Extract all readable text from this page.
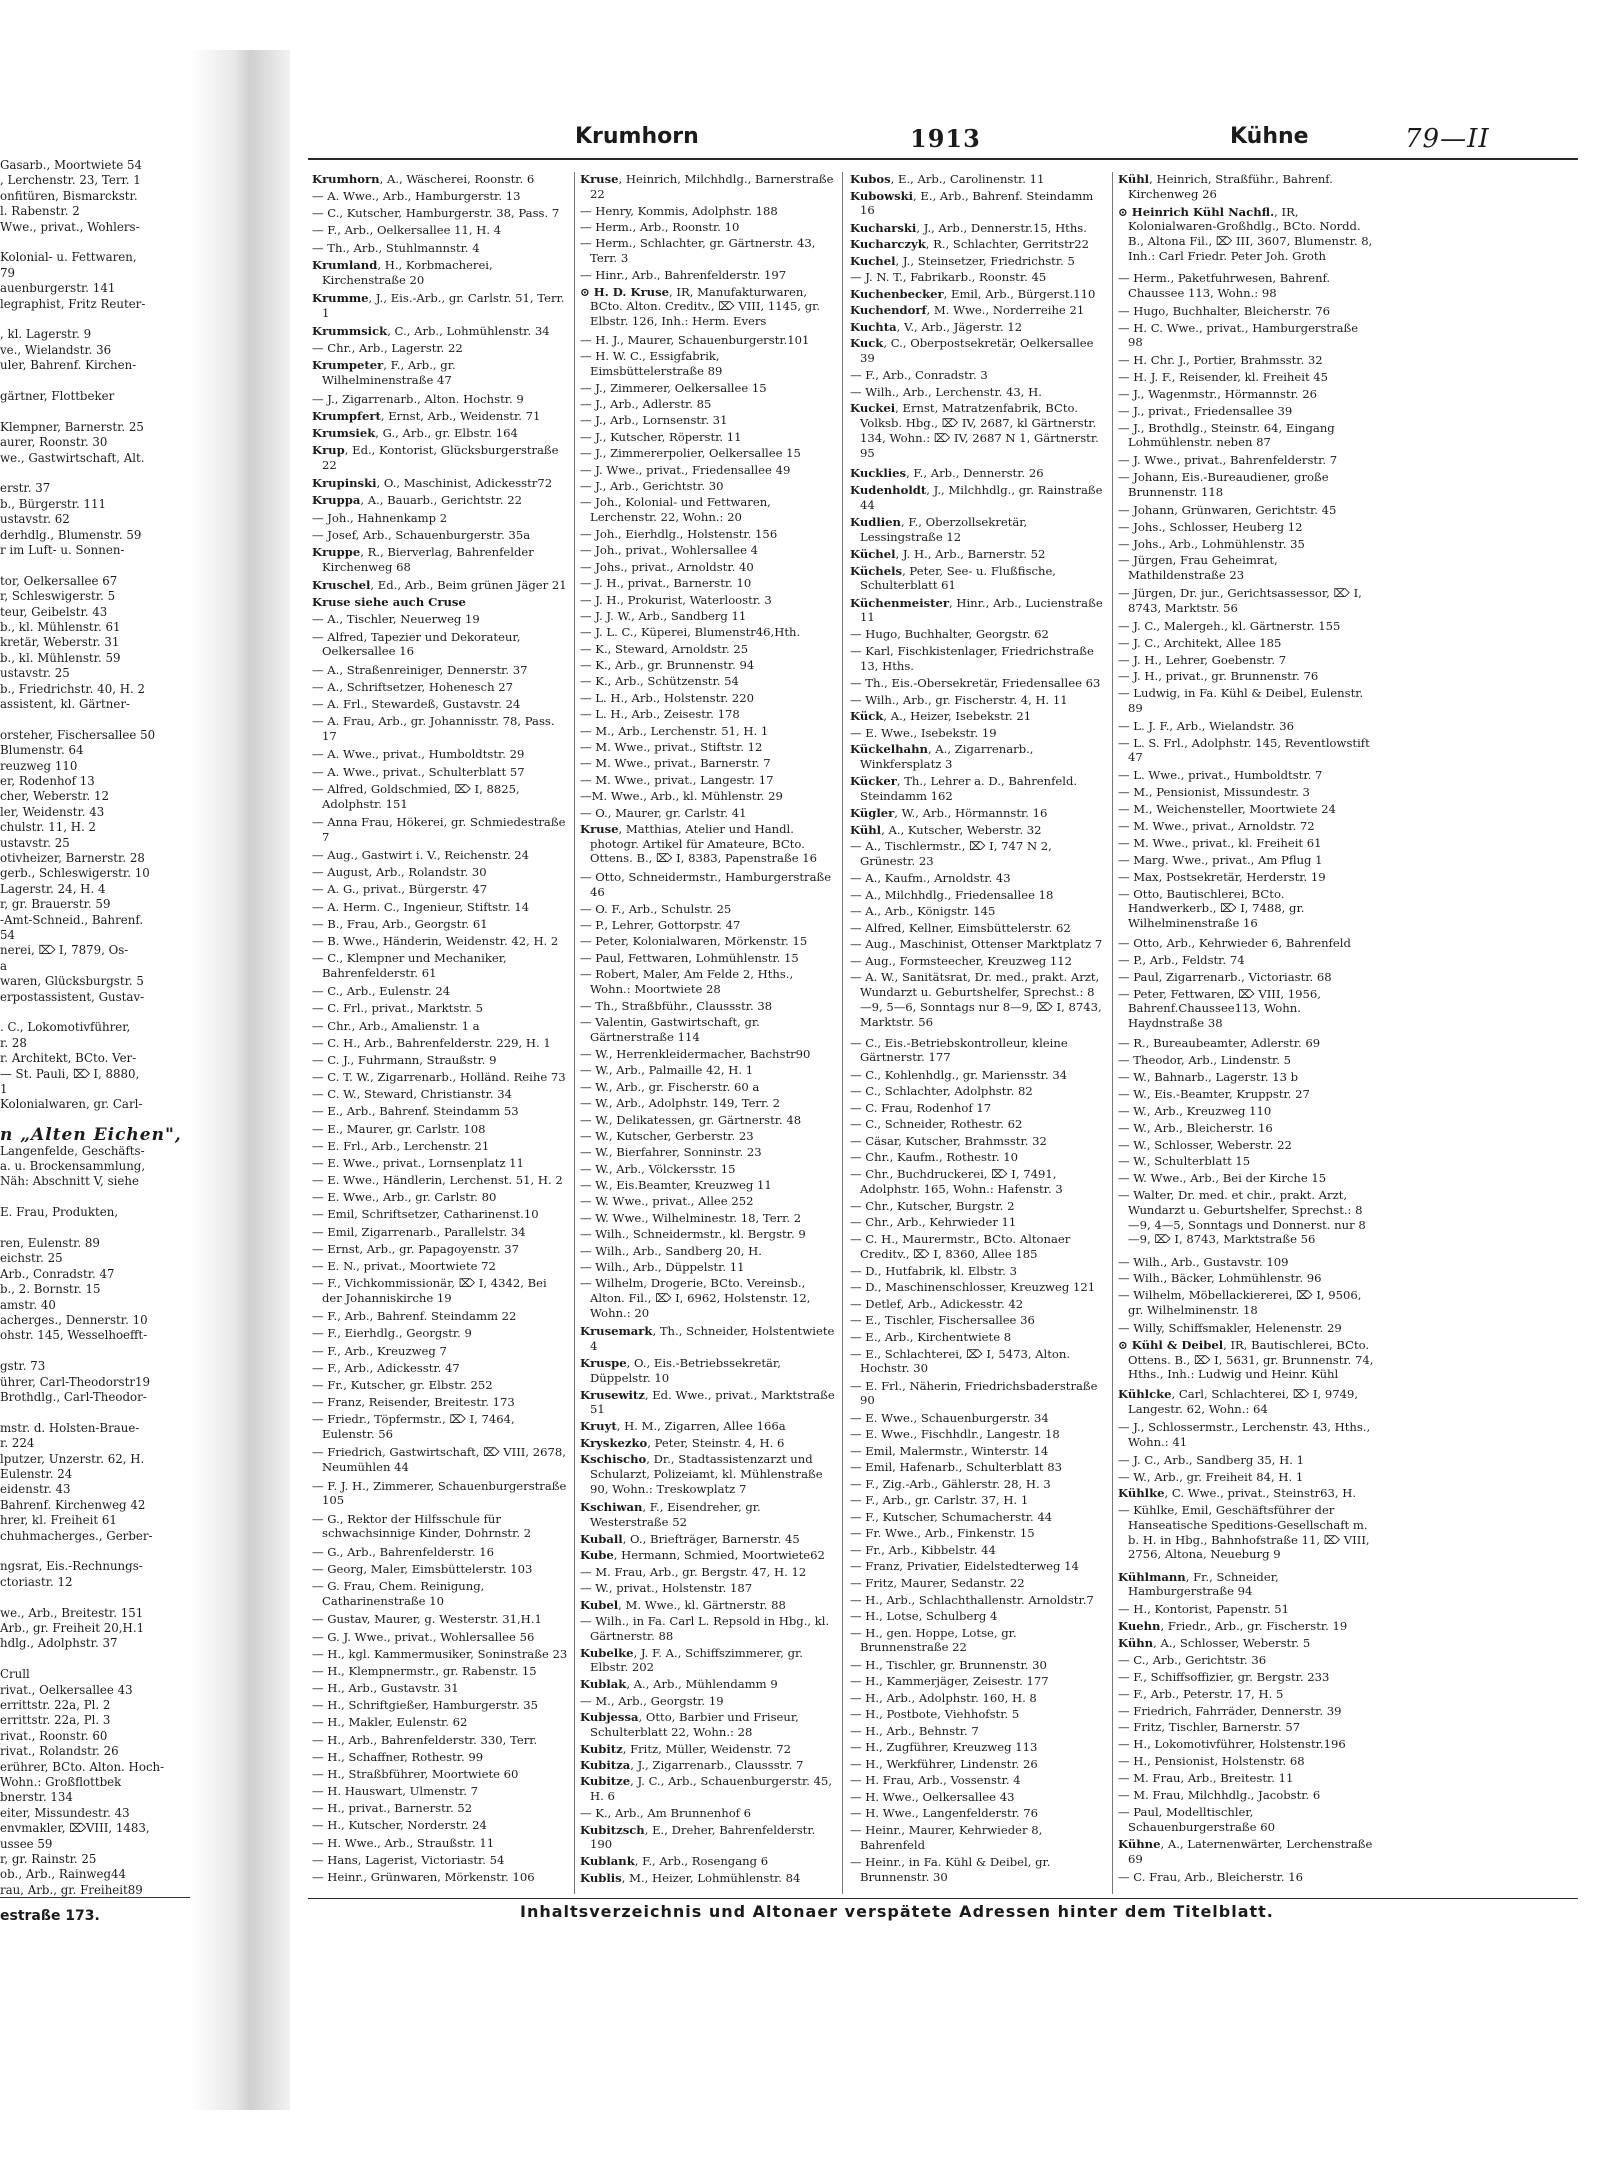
Gasarb., Moortwiete 54
, Lerchenstr. 23, Terr. 1
onfitüren, Bismarckstr.
l. Rabenstr. 2
Wwe., privat., Wohlers-
Kolonial- u. Fettwaren,
79
auenburgerstr. 141
legraphist, Fritz Reuter-
, kl. Lagerstr. 9
ve., Wielandstr. 36
uler, Bahrenf. Kirchen-
gärtner, Flottbeker
Klempner, Barnerstr. 25
aurer, Roonstr. 30
we., Gastwirtschaft, Alt.
erstr. 37
b., Bürgerstr. 111
ustavstr. 62
derhdlg., Blumenstr. 59
r im Luft- u. Sonnen-
tor, Oelkersallee 67
r, Schleswigerstr. 5
teur, Geibelstr. 43
b., kl. Mühlenstr. 61
kretär, Weberstr. 31
b., kl. Mühlenstr. 59
ustavstr. 25
b., Friedrichstr. 40, H. 2
assistent, kl. Gärtner-
orsteher, Fischersallee 50
Blumenstr. 64
reuzweg 110
er, Rodenhof 13
cher, Weberstr. 12
ler, Weidenstr. 43
chulstr. 11, H. 2
ustavstr. 25
otivheizer, Barnerstr. 28
gerb., Schleswigerstr. 10
Lagerstr. 24, H. 4
r, gr. Brauerstr. 59
-Amt-Schneid., Bahrenf.
54
nerei, ⌦ I, 7879, Os-
a
waren, Glücksburgstr. 5
erpostassistent, Gustav-
. C., Lokomotivführer,
r. 28
r. Architekt, BCto. Ver-
— St. Pauli, ⌦ I, 8880,
1
Kolonialwaren, gr. Carl-
n „Alten Eichen",
Langenfelde, Geschäfts-
a. u. Brockensammlung,
Näh: Abschnitt V, siehe
E. Frau, Produkten,
ren, Eulenstr. 89
eichstr. 25
Arb., Conradstr. 47
b., 2. Bornstr. 15
amstr. 40
acherges., Dennerstr. 10
ohstr. 145, Wesselhoefft-
gstr. 73
ührer, Carl-Theodorstr19
Brothdlg., Carl-Theodor-
mstr. d. Holsten-Braue-
r. 224
lputzer, Unzerstr. 62, H.
Eulenstr. 24
eidenstr. 43
Bahrenf. Kirchenweg 42
hrer, kl. Freiheit 61
chuhmacherges., Gerber-
ngsrat, Eis.-Rechnungs-
ctoriastr. 12
we., Arb., Breitestr. 151
Arb., gr. Freiheit 20,H.1
hdlg., Adolphstr. 37
Crull
rivat., Oelkersallee 43
errittstr. 22a, Pl. 2
errittstr. 22a, Pl. 3
rivat., Roonstr. 60
rivat., Rolandstr. 26
erührer, BCto. Alton. Hoch-
Wohn.: Großflottbek
bnerstr. 134
eiter, Missundestr. 43
envmakler, ⌦VIII, 1483,
ussee 59
r, gr. Rainstr. 25
ob., Arb., Rainweg44
rau, Arb., gr. Freiheit89
estraße 173.
Krumhorn	1913	Kühne	79—II
Krumhorn, A., Wäscherei, Roonstr. 6
— A. Wwe., Arb., Hamburgerstr. 13
— C., Kutscher, Hamburgerstr. 38, Pass. 7
— F., Arb., Oelkersallee 11, H. 4
— Th., Arb., Stuhlmannstr. 4
Krumland, H., Korbmacherei, Kirchenstraße 20
Krumme, J., Eis.-Arb., gr. Carlstr. 51, Terr. 1
Krummsick, C., Arb., Lohmühlenstr. 34
— Chr., Arb., Lagerstr. 22
Krumpeter, F., Arb., gr. Wilhelminenstraße 47
— J., Zigarrenarb., Alton. Hochstr. 9
Krumpfert, Ernst, Arb., Weidenstr. 71
Krumsiek, G., Arb., gr. Elbstr. 164
Krup, Ed., Kontorist, Glücksburgerstraße 22
Krupinski, O., Maschinist, Adickesstr72
Kruppa, A., Bauarb., Gerichtstr. 22
— Joh., Hahnenkamp 2
— Josef, Arb., Schauenburgerstr. 35a
Kruppe, R., Bierverlag, Bahrenfelder Kirchenweg 68
Kruschel, Ed., Arb., Beim grünen Jäger 21
Kruse siehe auch Cruse
— A., Tischler, Neuerweg 19
— Alfred, Tapezier und Dekorateur, Oelkersallee 16
— A., Straßenreiniger, Dennerstr. 37
— A., Schriftsetzer, Hohenesch 27
— A. Frl., Stewardeß, Gustavstr. 24
— A. Frau, Arb., gr. Johannisstr. 78, Pass. 17
— A. Wwe., privat., Humboldtstr. 29
— A. Wwe., privat., Schulterblatt 57
— Alfred, Goldschmied, ⌦ I, 8825, Adolphstr. 151
— Anna Frau, Hökerei, gr. Schmiedestraße 7
— Aug., Gastwirt i. V., Reichenstr. 24
— August, Arb., Rolandstr. 30
— A. G., privat., Bürgerstr. 47
— A. Herm. C., Ingenieur, Stiftstr. 14
— B., Frau, Arb., Georgstr. 61
— B. Wwe., Händerin, Weidenstr. 42, H. 2
— C., Klempner und Mechaniker, Bahrenfelderstr. 61
— C., Arb., Eulenstr. 24
— C. Frl., privat., Marktstr. 5
— Chr., Arb., Amalienstr. 1 a
— C. H., Arb., Bahrenfelderstr. 229, H. 1
— C. J., Fuhrmann, Straußstr. 9
— C. T. W., Zigarrenarb., Holländ. Reihe 73
— C. W., Steward, Christianstr. 34
— E., Arb., Bahrenf. Steindamm 53
— E., Maurer, gr. Carlstr. 108
— E. Frl., Arb., Lerchenstr. 21
— E. Wwe., privat., Lornsenplatz 11
— E. Wwe., Händlerin, Lerchenst. 51, H. 2
— E. Wwe., Arb., gr. Carlstr. 80
— Emil, Schriftsetzer, Catharinenst.10
— Emil, Zigarrenarb., Parallelstr. 34
— Ernst, Arb., gr. Papagoyenstr. 37
— E. N., privat., Moortwiete 72
— F., Vichkommissionär, ⌦ I, 4342, Bei der Johanniskirche 19
— F., Arb., Bahrenf. Steindamm 22
— F., Eierhdlg., Georgstr. 9
— F., Arb., Kreuzweg 7
— F., Arb., Adickesstr. 47
— Fr., Kutscher, gr. Elbstr. 252
— Franz, Reisender, Breitestr. 173
— Friedr., Töpfermstr., ⌦ I, 7464, Eulenstr. 56
— Friedrich, Gastwirtschaft, ⌦ VIII, 2678, Neumühlen 44
— F. J. H., Zimmerer, Schauenburgerstraße 105
— G., Rektor der Hilfsschule für schwachsinnige Kinder, Dohrnstr. 2
— G., Arb., Bahrenfelderstr. 16
— Georg, Maler, Eimsbüttelerstr. 103
— G. Frau, Chem. Reinigung, Catharinenstraße 10
— Gustav, Maurer, g. Westerstr. 31,H.1
— G. J. Wwe., privat., Wohlersallee 56
— H., kgl. Kammermusiker, Soninstraße 23
— H., Klempnermstr., gr. Rabenstr. 15
— H., Arb., Gustavstr. 31
— H., Schriftgießer, Hamburgerstr. 35
— H., Makler, Eulenstr. 62
— H., Arb., Bahrenfelderstr. 330, Terr.
— H., Schaffner, Rothestr. 99
— H., Straßbführer, Moortwiete 60
— H. Hauswart, Ulmenstr. 7
— H., privat., Barnerstr. 52
— H., Kutscher, Norderstr. 24
— H. Wwe., Arb., Straußstr. 11
— Hans, Lagerist, Victoriastr. 54
— Heinr., Grünwaren, Mörkenstr. 106
Kruse, Heinrich, Milchhdlg., Barnerstraße 22
— Henry, Kommis, Adolphstr. 188
— Herm., Arb., Roonstr. 10
— Herm., Schlachter, gr. Gärtnerstr. 43, Terr. 3
— Hinr., Arb., Bahrenfelderstr. 197
⊙ H. D. Kruse, IR, Manufakturwaren, BCto. Alton. Creditv., ⌦ VIII, 1145, gr. Elbstr. 126, Inh.: Herm. Evers
— H. J., Maurer, Schauenburgerstr.101
— H. W. C., Essigfabrik, Eimsbüttelerstraße 89
— J., Zimmerer, Oelkersallee 15
— J., Arb., Adlerstr. 85
— J., Arb., Lornsenstr. 31
— J., Kutscher, Röperstr. 11
— J., Zimmererpolier, Oelkersallee 15
— J. Wwe., privat., Friedensallee 49
— J., Arb., Gerichtstr. 30
— Joh., Kolonial- und Fettwaren, Lerchenstr. 22, Wohn.: 20
— Joh., Eierhdlg., Holstenstr. 156
— Joh., privat., Wohlersallee 4
— Johs., privat., Arnoldstr. 40
— J. H., privat., Barnerstr. 10
— J. H., Prokurist, Waterloostr. 3
— J. J. W., Arb., Sandberg 11
— J. L. C., Küperei, Blumenstr46,Hth.
— K., Steward, Arnoldstr. 25
— K., Arb., gr. Brunnenstr. 94
— K., Arb., Schützenstr. 54
— L. H., Arb., Holstenstr. 220
— L. H., Arb., Zeisestr. 178
— M., Arb., Lerchenstr. 51, H. 1
— M. Wwe., privat., Stiftstr. 12
— M. Wwe., privat., Barnerstr. 7
— M. Wwe., privat., Langestr. 17
—M. Wwe., Arb., kl. Mühlenstr. 29
— O., Maurer, gr. Carlstr. 41
Kruse, Matthias, Atelier und Handl. photogr. Artikel für Amateure, BCto. Ottens. B., ⌦ I, 8383, Papenstraße 16
— Otto, Schneidermstr., Hamburgerstraße 46
— O. F., Arb., Schulstr. 25
— P., Lehrer, Gottorpstr. 47
— Peter, Kolonialwaren, Mörkenstr. 15
— Paul, Fettwaren, Lohmühlenstr. 15
— Robert, Maler, Am Felde 2, Hths., Wohn.: Moortwiete 28
— Th., Straßbführ., Claussstr. 38
— Valentin, Gastwirtschaft, gr. Gärtnerstraße 114
— W., Herrenkleidermacher, Bachstr90
— W., Arb., Palmaille 42, H. 1
— W., Arb., gr. Fischerstr. 60 a
— W., Arb., Adolphstr. 149, Terr. 2
— W., Delikatessen, gr. Gärtnerstr. 48
— W., Kutscher, Gerberstr. 23
— W., Bierfahrer, Sonninstr. 23
— W., Arb., Völckersstr. 15
— W., Eis.Beamter, Kreuzweg 11
— W. Wwe., privat., Allee 252
— W. Wwe., Wilhelminestr. 18, Terr. 2
— Wilh., Schneidermstr., kl. Bergstr. 9
— Wilh., Arb., Sandberg 20, H.
— Wilh., Arb., Düppelstr. 11
— Wilhelm, Drogerie, BCto. Vereinsb., Alton. Fil., ⌦ I, 6962, Holstenstr. 12, Wohn.: 20
Krusemark, Th., Schneider, Holstentwiete 4
Kruspe, O., Eis.-Betriebssekretär, Düppelstr. 10
Krusewitz, Ed. Wwe., privat., Marktstraße 51
Kruyt, H. M., Zigarren, Allee 166a
Kryskezko, Peter, Steinstr. 4, H. 6
Kschischo, Dr., Stadtassistenzarzt und Schularzt, Polizeiamt, kl. Mühlenstraße 90, Wohn.: Treskowplatz 7
Kschiwan, F., Eisendreher, gr. Westerstraße 52
Kuball, O., Briefträger, Barnerstr. 45
Kube, Hermann, Schmied, Moortwiete62
— M. Frau, Arb., gr. Bergstr. 47, H. 12
— W., privat., Holstenstr. 187
Kubel, M. Wwe., kl. Gärtnerstr. 88
— Wilh., in Fa. Carl L. Repsold in Hbg., kl. Gärtnerstr. 88
Kubelke, J. F. A., Schiffszimmerer, gr. Elbstr. 202
Kublak, A., Arb., Mühlendamm 9
— M., Arb., Georgstr. 19
Kubjessa, Otto, Barbier und Friseur, Schulterblatt 22, Wohn.: 28
Kubitz, Fritz, Müller, Weidenstr. 72
Kubitza, J., Zigarrenarb., Claussstr. 7
Kubitze, J. C., Arb., Schauenburgerstr. 45, H. 6
— K., Arb., Am Brunnenhof 6
Kubitzsch, E., Dreher, Bahrenfelderstr. 190
Kublank, F., Arb., Rosengang 6
Kublis, M., Heizer, Lohmühlenstr. 84
Kubos, E., Arb., Carolinenstr. 11
Kubowski, E., Arb., Bahrenf. Steindamm 16
Kucharski, J., Arb., Dennerstr.15, Hths.
Kucharczyk, R., Schlachter, Gerritstr22
Kuchel, J., Steinsetzer, Friedrichstr. 5
— J. N. T., Fabrikarb., Roonstr. 45
Kuchenbecker, Emil, Arb., Bürgerst.110
Kuchendorf, M. Wwe., Norderreihe 21
Kuchta, V., Arb., Jägerstr. 12
Kuck, C., Oberpostsekretär, Oelkersallee 39
— F., Arb., Conradstr. 3
— Wilh., Arb., Lerchenstr. 43, H.
Kuckei, Ernst, Matratzenfabrik, BCto. Volksb. Hbg., ⌦ IV, 2687, kl Gärtnerstr. 134, Wohn.: ⌦ IV, 2687 N 1, Gärtnerstr. 95
Kucklies, F., Arb., Dennerstr. 26
Kudenholdt, J., Milchhdlg., gr. Rainstraße 44
Kudlien, F., Oberzollsekretär, Lessingstraße 12
Küchel, J. H., Arb., Barnerstr. 52
Küchels, Peter, See- u. Flußfische, Schulterblatt 61
Küchenmeister, Hinr., Arb., Lucienstraße 11
— Hugo, Buchhalter, Georgstr. 62
— Karl, Fischkistenlager, Friedrichstraße 13, Hths.
— Th., Eis.-Obersekretär, Friedensallee 63
— Wilh., Arb., gr. Fischerstr. 4, H. 11
Kück, A., Heizer, Isebekstr. 21
— E. Wwe., Isebekstr. 19
Kückelhahn, A., Zigarrenarb., Winkfersplatz 3
Kücker, Th., Lehrer a. D., Bahrenfeld. Steindamm 162
Kügler, W., Arb., Hörmannstr. 16
Kühl, A., Kutscher, Weberstr. 32
— A., Tischlermstr., ⌦ I, 747 N 2, Grünestr. 23
— A., Kaufm., Arnoldstr. 43
— A., Milchhdlg., Friedensallee 18
— A., Arb., Königstr. 145
— Alfred, Kellner, Eimsbüttelerstr. 62
— Aug., Maschinist, Ottenser Marktplatz 7
— Aug., Formsteecher, Kreuzweg 112
— A. W., Sanitätsrat, Dr. med., prakt. Arzt, Wundarzt u. Geburtshelfer, Sprechst.: 8—9, 5—6, Sonntags nur 8—9, ⌦ I, 8743, Marktstr. 56
— C., Eis.-Betriebskontrolleur, kleine Gärtnerstr. 177
— C., Kohlenhdlg., gr. Mariensstr. 34
— C., Schlachter, Adolphstr. 82
— C. Frau, Rodenhof 17
— C., Schneider, Rothestr. 62
— Cäsar, Kutscher, Brahmsstr. 32
— Chr., Kaufm., Rothestr. 10
— Chr., Buchdruckerei, ⌦ I, 7491, Adolphstr. 165, Wohn.: Hafenstr. 3
— Chr., Kutscher, Burgstr. 2
— Chr., Arb., Kehrwieder 11
— C. H., Maurermstr., BCto. Altonaer Creditv., ⌦ I, 8360, Allee 185
— D., Hutfabrik, kl. Elbstr. 3
— D., Maschinenschlosser, Kreuzweg 121
— Detlef, Arb., Adickesstr. 42
— E., Tischler, Fischersallee 36
— E., Arb., Kirchentwiete 8
— E., Schlachterei, ⌦ I, 5473, Alton. Hochstr. 30
— E. Frl., Näherin, Friedrichsbaderstraße 90
— E. Wwe., Schauenburgerstr. 34
— E. Wwe., Fischhdlr., Langestr. 18
— Emil, Malermstr., Winterstr. 14
— Emil, Hafenarb., Schulterblatt 83
— F., Zig.-Arb., Gählerstr. 28, H. 3
— F., Arb., gr. Carlstr. 37, H. 1
— F., Kutscher, Schumacherstr. 44
— Fr. Wwe., Arb., Finkenstr. 15
— Fr., Arb., Kibbelstr. 44
— Franz, Privatier, Eidelstedterweg 14
— Fritz, Maurer, Sedanstr. 22
— H., Arb., Schlachthallenstr. Arnoldstr.7
— H., Lotse, Schulberg 4
— H., gen. Hoppe, Lotse, gr. Brunnenstraße 22
— H., Tischler, gr. Brunnenstr. 30
— H., Kammerjäger, Zeisestr. 177
— H., Arb., Adolphstr. 160, H. 8
— H., Postbote, Viehhofstr. 5
— H., Arb., Behnstr. 7
— H., Zugführer, Kreuzweg 113
— H., Werkführer, Lindenstr. 26
— H. Frau, Arb., Vossenstr. 4
— H. Wwe., Oelkersallee 43
— H. Wwe., Langenfelderstr. 76
— Heinr., Maurer, Kehrwieder 8, Bahrenfeld
— Heinr., in Fa. Kühl & Deibel, gr. Brunnenstr. 30
Kühl, Heinrich, Straßführ., Bahrenf. Kirchenweg 26
⊙ Heinrich Kühl Nachfl., IR, Kolonialwaren-Großhdlg., BCto. Nordd. B., Altona Fil., ⌦ III, 3607, Blumenstr. 8, Inh.: Carl Friedr. Peter Joh. Groth
— Herm., Paketfuhrwesen, Bahrenf. Chaussee 113, Wohn.: 98
— Hugo, Buchhalter, Bleicherstr. 76
— H. C. Wwe., privat., Hamburgerstraße 98
— H. Chr. J., Portier, Brahmsstr. 32
— H. J. F., Reisender, kl. Freiheit 45
— J., Wagenmstr., Hörmannstr. 26
— J., privat., Friedensallee 39
— J., Brothdlg., Steinstr. 64, Eingang Lohmühlenstr. neben 87
— J. Wwe., privat., Bahrenfelderstr. 7
— Johann, Eis.-Bureaudiener, große Brunnenstr. 118
— Johann, Grünwaren, Gerichtstr. 45
— Johs., Schlosser, Heuberg 12
— Johs., Arb., Lohmühlenstr. 35
— Jürgen, Frau Geheimrat, Mathildenstraße 23
— Jürgen, Dr. jur., Gerichtsassessor, ⌦ I, 8743, Marktstr. 56
— J. C., Malergeh., kl. Gärtnerstr. 155
— J. C., Architekt, Allee 185
— J. H., Lehrer, Goebenstr. 7
— J. H., privat., gr. Brunnenstr. 76
— Ludwig, in Fa. Kühl & Deibel, Eulenstr. 89
— L. J. F., Arb., Wielandstr. 36
— L. S. Frl., Adolphstr. 145, Reventlowstift 47
— L. Wwe., privat., Humboldtstr. 7
— M., Pensionist, Missundestr. 3
— M., Weichensteller, Moortwiete 24
— M. Wwe., privat., Arnoldstr. 72
— M. Wwe., privat., kl. Freiheit 61
— Marg. Wwe., privat., Am Pflug 1
— Max, Postsekretär, Herderstr. 19
— Otto, Bautischlerei, BCto. Handwerkerb., ⌦ I, 7488, gr. Wilhelminenstraße 16
— Otto, Arb., Kehrwieder 6, Bahrenfeld
— P., Arb., Feldstr. 74
— Paul, Zigarrenarb., Victoriastr. 68
— Peter, Fettwaren, ⌦ VIII, 1956, Bahrenf.Chaussee113, Wohn. Haydnstraße 38
— R., Bureaubeamter, Adlerstr. 69
— Theodor, Arb., Lindenstr. 5
— W., Bahnarb., Lagerstr. 13 b
— W., Eis.-Beamter, Kruppstr. 27
— W., Arb., Kreuzweg 110
— W., Arb., Bleicherstr. 16
— W., Schlosser, Weberstr. 22
— W., Schulterblatt 15
— W. Wwe., Arb., Bei der Kirche 15
— Walter, Dr. med. et chir., prakt. Arzt, Wundarzt u. Geburtshelfer, Sprechst.: 8—9, 4—5, Sonntags und Donnerst. nur 8—9, ⌦ I, 8743, Marktstraße 56
— Wilh., Arb., Gustavstr. 109
— Wilh., Bäcker, Lohmühlenstr. 96
— Wilhelm, Möbellackiererei, ⌦ I, 9506, gr. Wilhelminenstr. 18
— Willy, Schiffsmakler, Helenenstr. 29
⊙ Kühl & Deibel, IR, Bautischlerei, BCto. Ottens. B., ⌦ I, 5631, gr. Brunnenstr. 74, Hths., Inh.: Ludwig und Heinr. Kühl
Kühlcke, Carl, Schlachterei, ⌦ I, 9749, Langestr. 62, Wohn.: 64
— J., Schlossermstr., Lerchenstr. 43, Hths., Wohn.: 41
— J. C., Arb., Sandberg 35, H. 1
— W., Arb., gr. Freiheit 84, H. 1
Kühlke, C. Wwe., privat., Steinstr63, H.
— Kühlke, Emil, Geschäftsführer der Hanseatische Speditions-Gesellschaft m. b. H. in Hbg., Bahnhofstraße 11, ⌦ VIII, 2756, Altona, Neueburg 9
Kühlmann, Fr., Schneider, Hamburgerstraße 94
— H., Kontorist, Papenstr. 51
Kuehn, Friedr., Arb., gr. Fischerstr. 19
Kühn, A., Schlosser, Weberstr. 5
— C., Arb., Gerichtstr. 36
— F., Schiffsoffizier, gr. Bergstr. 233
— F., Arb., Peterstr. 17, H. 5
— Friedrich, Fahrräder, Dennerstr. 39
— Fritz, Tischler, Barnerstr. 57
— H., Lokomotivführer, Holstenstr.196
— H., Pensionist, Holstenstr. 68
— M. Frau, Arb., Breitestr. 11
— M. Frau, Milchhdlg., Jacobstr. 6
— Paul, Modelltischler, Schauenburgerstraße 60
Kühne, A., Laternenwärter, Lerchenstraße 69
— C. Frau, Arb., Bleicherstr. 16
Inhaltsverzeichnis und Altonaer verspätete Adressen hinter dem Titelblatt.
